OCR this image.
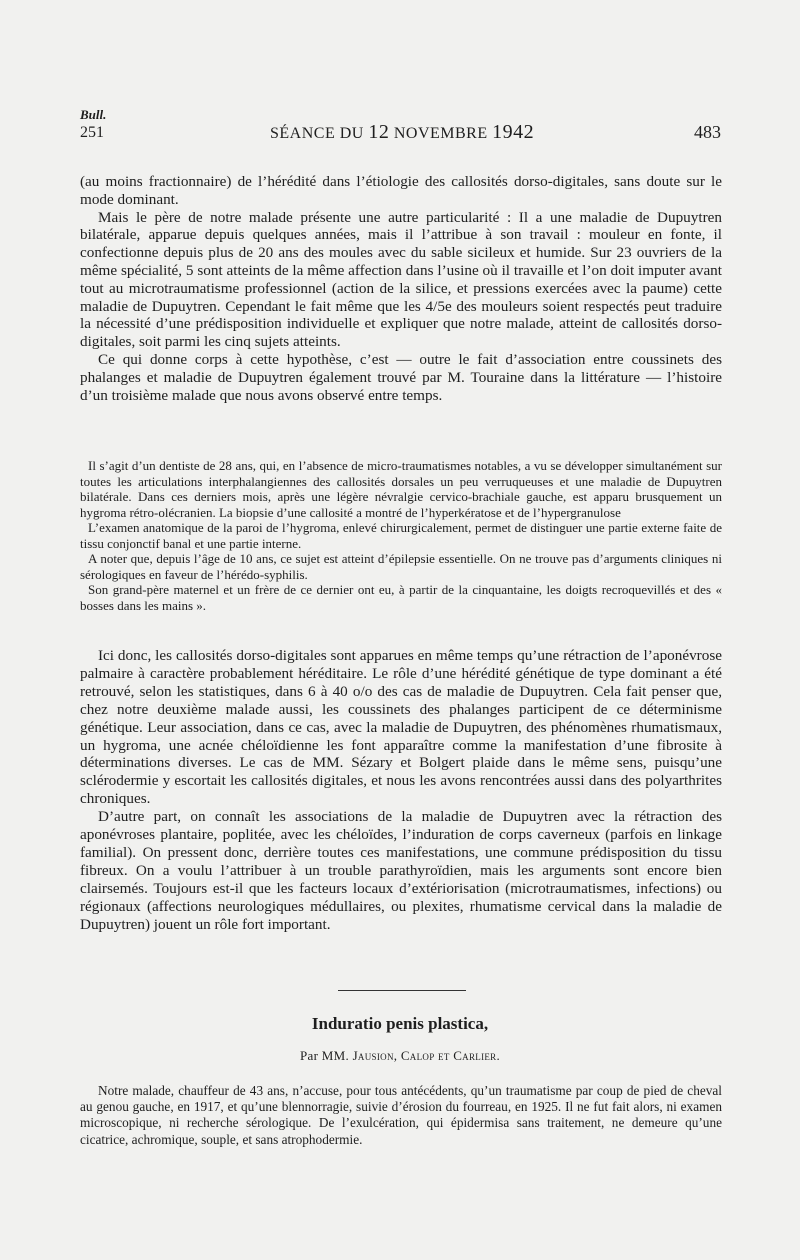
Bull.
251	SÉANCE DU 12 NOVEMBRE 1942	483

(au moins fractionnaire) de l’hérédité dans l’étiologie des callosités dorso-digitales, sans doute sur le mode dominant.

Mais le père de notre malade présente une autre particularité : Il a une maladie de Dupuytren bilatérale, apparue depuis quelques années, mais il l’attribue à son travail : mouleur en fonte, il confectionne depuis plus de 20 ans des moules avec du sable sicileux et humide. Sur 23 ouvriers de la même spécialité, 5 sont atteints de la même affection dans l’usine où il travaille et l’on doit imputer avant tout au microtraumatisme professionnel (action de la silice, et pressions exercées avec la paume) cette maladie de Dupuytren. Cependant le fait même que les 4/5e des mouleurs soient respectés peut traduire la nécessité d’une prédisposition individuelle et expliquer que notre malade, atteint de callosités dorso-digitales, soit parmi les cinq sujets atteints.

Ce qui donne corps à cette hypothèse, c’est — outre le fait d’association entre coussinets des phalanges et maladie de Dupuytren également trouvé par M. Touraine dans la littérature — l’histoire d’un troisième malade que nous avons observé entre temps.

Il s’agit d’un dentiste de 28 ans, qui, en l’absence de micro-traumatismes notables, a vu se développer simultanément sur toutes les articulations interphalangiennes des callosités dorsales un peu verruqueuses et une maladie de Dupuytren bilatérale. Dans ces derniers mois, après une légère névralgie cervico-brachiale gauche, est apparu brusquement un hygroma rétro-olécranien. La biopsie d’une callosité a montré de l’hyperkératose et de l’hypergranulose

L’examen anatomique de la paroi de l’hygroma, enlevé chirurgicalement, permet de distinguer une partie externe faite de tissu conjonctif banal et une partie interne.

A noter que, depuis l’âge de 10 ans, ce sujet est atteint d’épilepsie essentielle. On ne trouve pas d’arguments cliniques ni sérologiques en faveur de l’hérédo-syphilis.

Son grand-père maternel et un frère de ce dernier ont eu, à partir de la cinquantaine, les doigts recroquevillés et des « bosses dans les mains ».

Ici donc, les callosités dorso-digitales sont apparues en même temps qu’une rétraction de l’aponévrose palmaire à caractère probablement héréditaire. Le rôle d’une hérédité génétique de type dominant a été retrouvé, selon les statistiques, dans 6 à 40 o/o des cas de maladie de Dupuytren. Cela fait penser que, chez notre deuxième malade aussi, les coussinets des phalanges participent de ce déterminisme génétique. Leur association, dans ce cas, avec la maladie de Dupuytren, des phénomènes rhumatismaux, un hygroma, une acnée chéloïdienne les font apparaître comme la manifestation d’une fibrosite à déterminations diverses. Le cas de MM. Sézary et Bolgert plaide dans le même sens, puisqu’une sclérodermie y escortait les callosités digitales, et nous les avons rencontrées aussi dans des polyarthrites chroniques.

D’autre part, on connaît les associations de la maladie de Dupuytren avec la rétraction des aponévroses plantaire, poplitée, avec les chéloïdes, l’induration de corps caverneux (parfois en linkage familial). On pressent donc, derrière toutes ces manifestations, une commune prédisposition du tissu fibreux. On a voulu l’attribuer à un trouble parathyroïdien, mais les arguments sont encore bien clairsemés. Toujours est-il que les facteurs locaux d’extériorisation (microtraumatismes, infections) ou régionaux (affections neurologiques médullaires, ou plexites, rhumatisme cervical dans la maladie de Dupuytren) jouent un rôle fort important.

Induratio penis plastica,
Par MM. Jausion, Calop et Carlier.

Notre malade, chauffeur de 43 ans, n’accuse, pour tous antécédents, qu’un traumatisme par coup de pied de cheval au genou gauche, en 1917, et qu’une blennorragie, suivie d’érosion du fourreau, en 1925. Il ne fut fait alors, ni examen microscopique, ni recherche sérologique. De l’exulcération, qui épidermisa sans traitement, ne demeure qu’une cicatrice, achromique, souple, et sans atrophodermie.
